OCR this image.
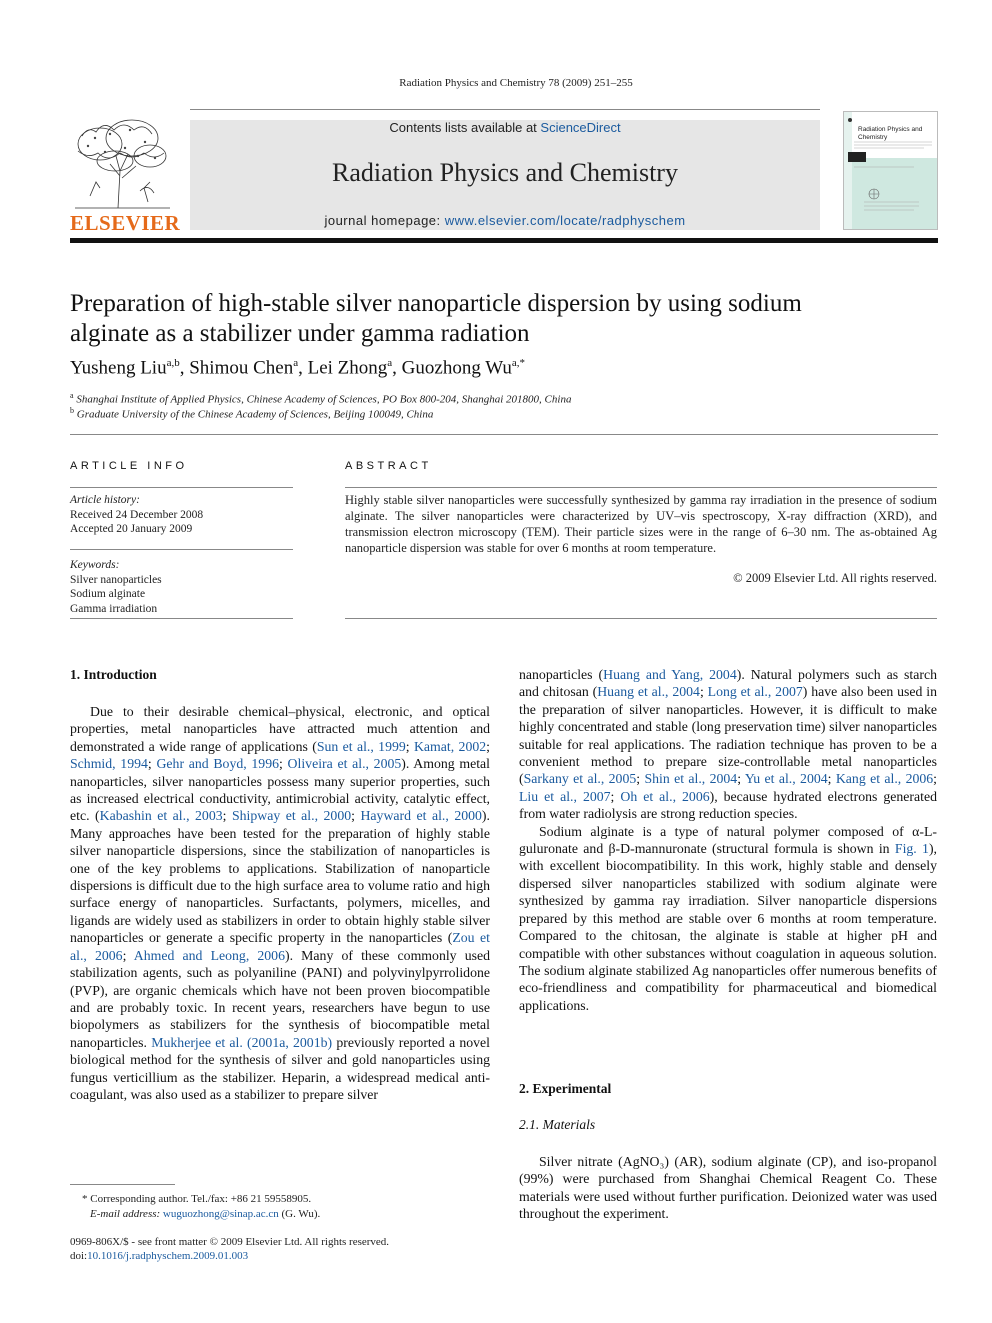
Radiation Physics and Chemistry 78 (2009) 251–255
ELSEVIER
Contents lists available at ScienceDirect
Radiation Physics and Chemistry
journal homepage: www.elsevier.com/locate/radphyschem
Radiation Physics and Chemistry
Preparation of high-stable silver nanoparticle dispersion by using sodium
alginate as a stabilizer under gamma radiation
Yusheng Liu$^{a,b}$, Shimou Chen$^a$, Lei Zhong$^a$, Guozhong $Wu^{a,*}$
$^a$ Shanghai Institute of Applied Physics, Chinese Academy of Sciences, PO Box 800-204, Shanghai 201800, China
$^b$ Graduate University of the Chinese Academy of Sciences, Beijing 100049, China
ARTICLE INFO
Article history:
Received 24 December 2008
Accepted 20 January 2009
Keywords:
Silver nanoparticles
Sodium alginate
Gamma irradiation
ABSTRACT
Highly stable silver nanoparticles were successfully synthesized by gamma ray irradiation in the presence of sodium alginate. The silver nanoparticles were characterized by UV–vis spectroscopy, X-ray diffraction (XRD), and transmission electron microscopy (TEM). Their particle sizes were in the range of 6–30 nm. The as-obtained Ag nanoparticle dispersion was stable for over 6 months at room temperature.
© 2009 Elsevier Ltd. All rights reserved.
1. Introduction

Due to their desirable chemical–physical, electronic, and optical properties, metal nanoparticles have attracted much attention and demonstrated a wide range of applications (Sun et al., 1999; Kamat, 2002; Schmid, 1994; Gehr and Boyd, 1996; Oliveira et al., 2005). Among metal nanoparticles, silver nanoparticles possess many superior properties, such as increased electrical conductivity, antimicrobial activity, catalytic effect, etc. (Kabashin et al., 2003; Shipway et al., 2000; Hayward et al., 2000). Many approaches have been tested for the preparation of highly stable silver nanoparticle dispersions, since the stabilization of nanoparticles is one of the key problems to applications. Stabilization of nanoparticle dispersions is difficult due to the high surface area to volume ratio and high surface energy of nanoparticles. Surfactants, polymers, micelles, and ligands are widely used as stabilizers in order to obtain highly stable silver nanoparticles or generate a specific property in the nanoparticles (Zou et al., 2006; Ahmed and Leong, 2006). Many of these commonly used stabilization agents, such as polyaniline (PANI) and polyvinylpyrrolidone (PVP), are organic chemicals which have not been proven biocompatible and are probably toxic. In recent years, researchers have begun to use biopolymers as stabilizers for the synthesis of biocompatible metal nanoparticles. Mukherjee et al. (2001a, 2001b) previously reported a novel biological method for the synthesis of silver and gold nanoparticles using fungus verticillium as the stabilizer. Heparin, a widespread medical anti-coagulant, was also used as a stabilizer to prepare silver

nanoparticles (Huang and Yang, 2004). Natural polymers such as starch and chitosan (Huang et al., 2004; Long et al., 2007) have also been used in the preparation of silver nanoparticles. However, it is difficult to make highly concentrated and stable (long preservation time) silver nanoparticles suitable for real applications. The radiation technique has proven to be a convenient method to prepare size-controllable metal nanoparticles (Sarkany et al., 2005; Shin et al., 2004; Yu et al., 2004; Kang et al., 2006; Liu et al., 2007; Oh et al., 2006), because hydrated electrons generated from water radiolysis are strong reduction species.

Sodium alginate is a type of natural polymer composed of α-L-guluronate and β-D-mannuronate (structural formula is shown in Fig. 1), with excellent biocompatibility. In this work, highly stable and densely dispersed silver nanoparticles stabilized with sodium alginate were synthesized by gamma ray irradiation. Silver nanoparticle dispersions prepared by this method are stable over 6 months at room temperature. Compared to the chitosan, the alginate is stable at higher pH and compatible with other substances without coagulation in aqueous solution. The sodium alginate stabilized Ag nanoparticles offer numerous benefits of eco-friendliness and compatibility for pharmaceutical and biomedical applications.

2. Experimental
2.1. Materials

Silver nitrate (AgNO₃) (AR), sodium alginate (CP), and iso-propanol (99%) were purchased from Shanghai Chemical Reagent Co. These materials were used without further purification. Deionized water was used throughout the experiment.

* Corresponding author. Tel./fax: +86 21 59558905.
E-mail address: wuguozhong@sinap.ac.cn (G. Wu).
0969-806X/$ - see front matter © 2009 Elsevier Ltd. All rights reserved.
doi:10.1016/j.radphyschem.2009.01.003
